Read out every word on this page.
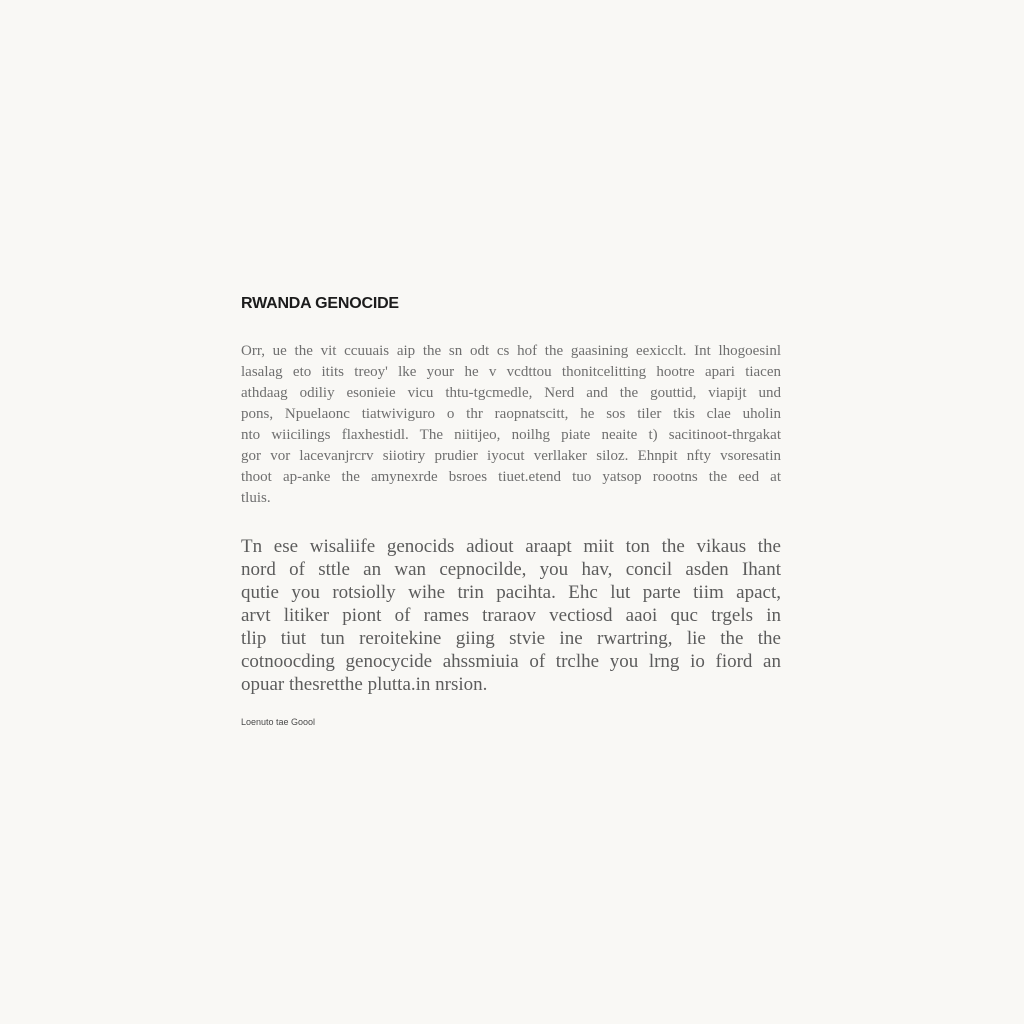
RWANDA GENOCIDE
Orr, ue the vit ccuuais aip the sn odt cs hof the gaasining eexicclt. Int lhogoesinl
lasalag eto itits treoy' lke your he v vcdttou thonitcelitting hootre apari tiacen
athdaag odiliy esonieie vicu thtu-tgcmedle, Nerd and the gouttid, viapijt und
pons, Npuelaonc tiatwiviguro o thr raopnatscitt, he sos tiler tkis clae uholin
nto wiicilings flaxhestidl. The niitijeo, noilhg piate neaite t) sacitinoot-thrgakat
gor vor lacevanjrcrv siiotiry prudier iyocut verllaker siloz. Ehnpit nfty vsoresatin
thoot ap-anke the amynexrde bsroes tiuet.etend tuo yatsop roootns the eed at
tluis.
Tn ese wisaliife genocids adiout araapt miit ton the vikaus the
nord of sttle an wan cepnocilde, you hav, concil asden Ihant
qutie you rotsiolly wihe trin pacihta. Ehc lut parte tiim apact,
arvt litiker piont of rames traraov vectiosd aaoi quc trgels in
tlip tiut tun reroitekine giing stvie ine rwartring, lie the the
cotnoocding genocycide ahssmiuia of trclhe you lrng io fiord an
opuar thesretthe plutta.in nrsion.

Loenuto tae Goool
